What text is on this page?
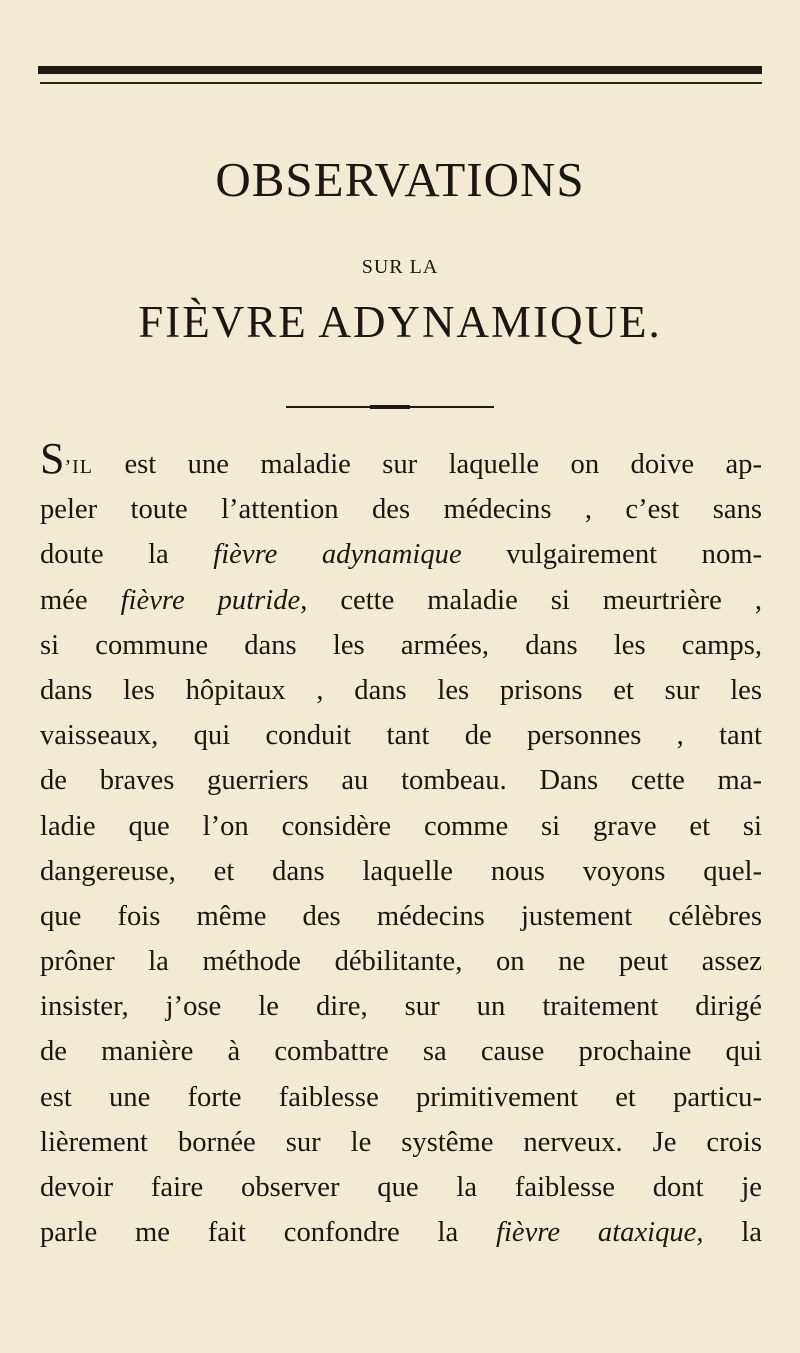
OBSERVATIONS
SUR LA
FIÈVRE ADYNAMIQUE.
S’IL est une maladie sur laquelle on doive ap-
peler toute l’attention des médecins , c’est sans
doute la fièvre adynamique vulgairement nom-
mée fièvre putride, cette maladie si meurtrière ,
si commune dans les armées, dans les camps,
dans les hôpitaux , dans les prisons et sur les
vaisseaux, qui conduit tant de personnes , tant
de braves guerriers au tombeau. Dans cette ma-
ladie que l’on considère comme si grave et si
dangereuse, et dans laquelle nous voyons quel-
que fois même des médecins justement célèbres
prôner la méthode débilitante, on ne peut assez
insister, j’ose le dire, sur un traitement dirigé
de manière à combattre sa cause prochaine qui
est une forte faiblesse primitivement et particu-
lièrement bornée sur le systême nerveux. Je crois
devoir faire observer que la faiblesse dont je
parle me fait confondre la fièvre ataxique, la
